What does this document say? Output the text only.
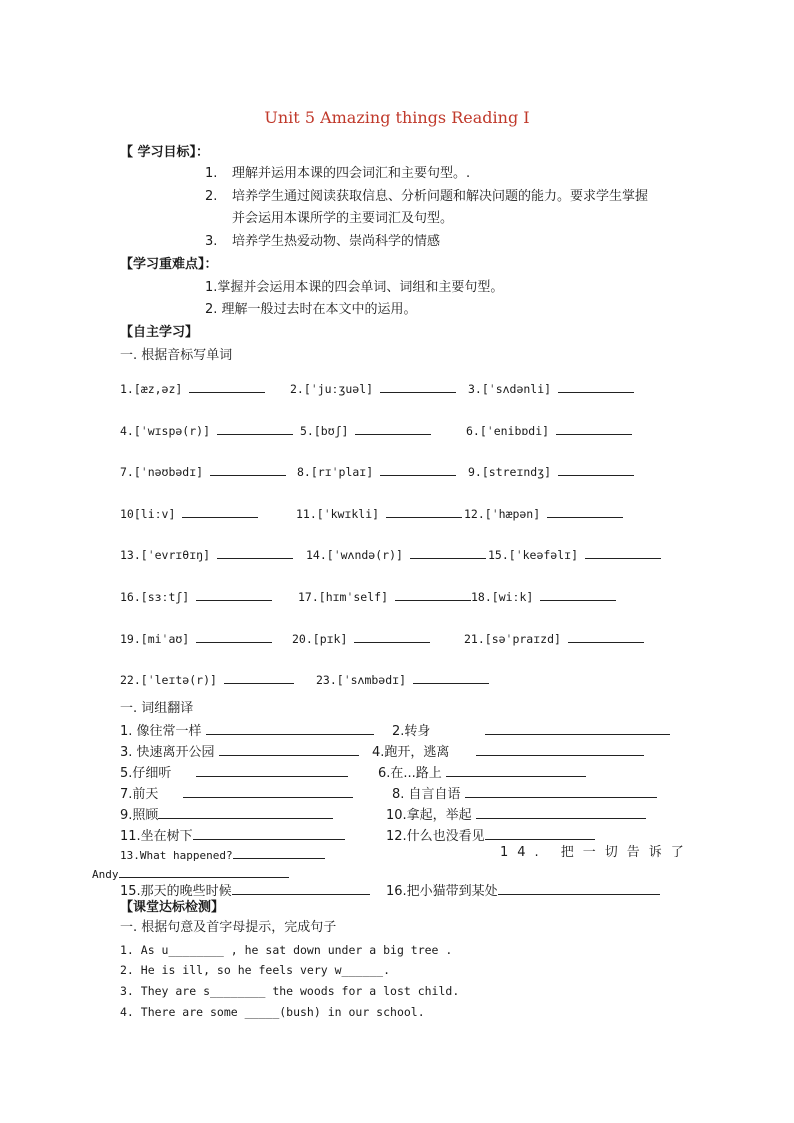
Unit 5 Amazing things Reading I
【 学习目标】：
1. 理解并运用本课的四会词汇和主要句型。.
2. 培养学生通过阅读获取信息、分析问题和解决问题的能力。要求学生掌握
并会运用本课所学的主要词汇及句型。
3. 培养学生热爱动物、崇尚科学的情感
【学习重难点】：
1.掌握并会运用本课的四会单词、词组和主要句型。
2. 理解一般过去时在本文中的运用。
【自主学习】
一. 根据音标写单词
1.[æz,əz]	2.[ˈjuːʒuəl]	3.[ˈsʌdənli]
4.[ˈwɪspə(r)]	5.[bʊʃ]	6.[ˈenibɒdi]
7.[ˈnəʊbədɪ]	8.[rɪˈplaɪ]	9.[streɪndʒ]
10[liːv]	11.[ˈkwɪkli]	12.[ˈhæpən]
13.[ˈevrɪθɪŋ]	14.[ˈwʌndə(r)]	15.[ˈkeəfəlɪ]
16.[sɜːtʃ]	17.[hɪmˈself]	18.[wiːk]
19.[miˈaʊ]	20.[pɪk]	21.[səˈpraɪzd]
22.[ˈleɪtə(r)]	23.[ˈsʌmbədɪ]
一. 词组翻译
1. 像往常一样	2.转身
3. 快速离开公园	4.跑开，逃离
5.仔细听	6.在...路上
7.前天	8. 自言自语
9.照顾	10.拿起，举起
11.坐在树下	12.什么也没看见
13.What happened?	14. 把一切告诉了
Andy
15.那天的晚些时候	16.把小猫带到某处
【课堂达标检测】
一. 根据句意及首字母提示，完成句子
1. As u________ , he sat down under a big tree .
2. He is ill, so he feels very w______.
3. They are s________ the woods for a lost child.
4. There are some _____(bush) in our school.
